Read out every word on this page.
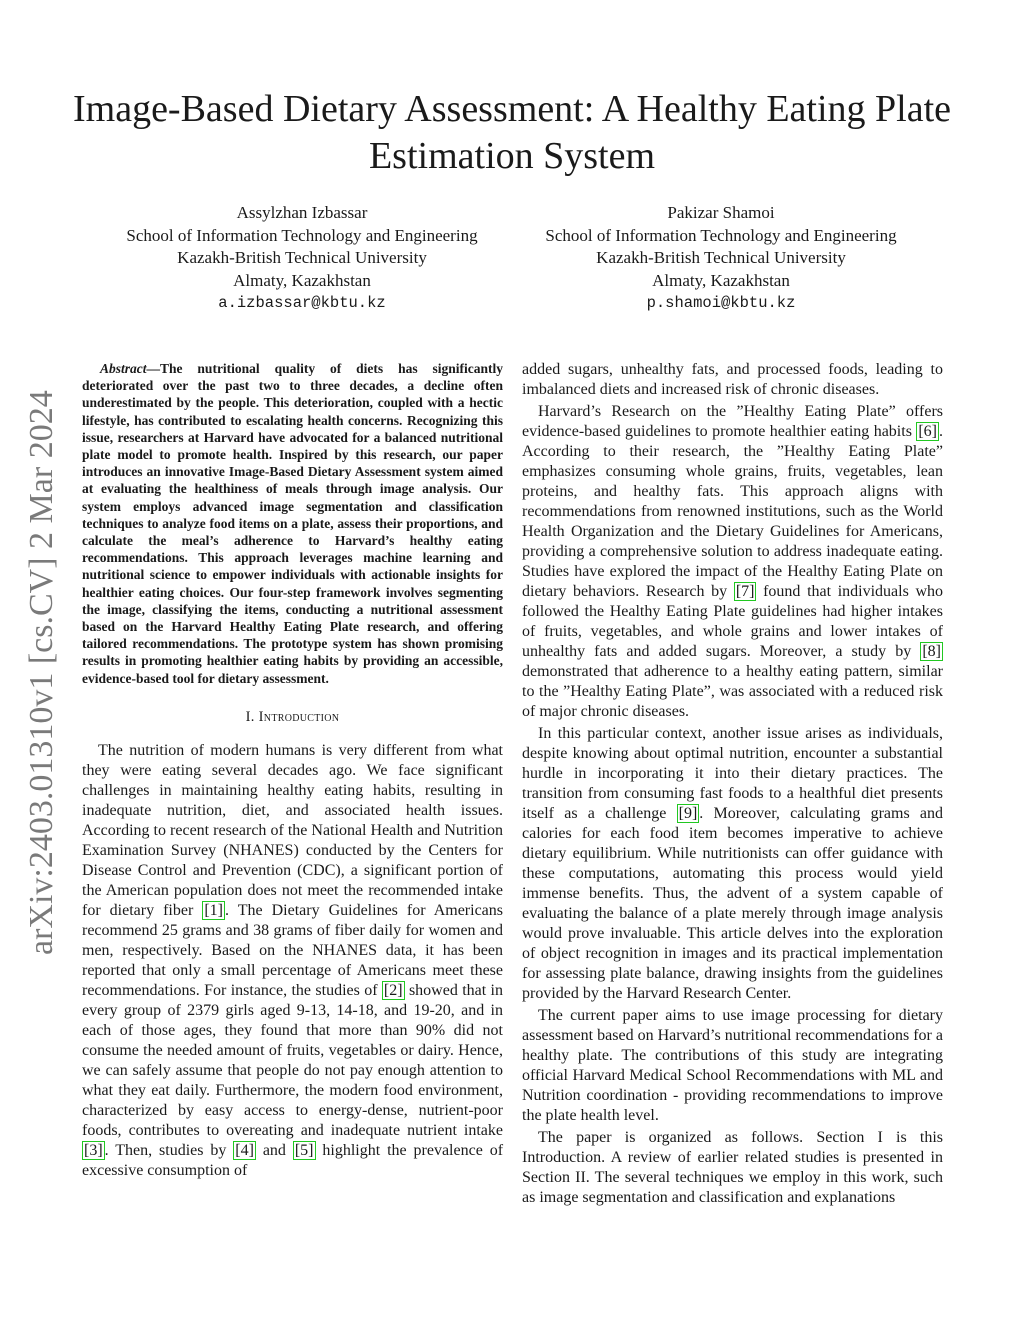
Image-Based Dietary Assessment: A Healthy Eating Plate Estimation System
Assylzhan Izbassar
School of Information Technology and Engineering
Kazakh-British Technical University
Almaty, Kazakhstan
a.izbassar@kbtu.kz
Pakizar Shamoi
School of Information Technology and Engineering
Kazakh-British Technical University
Almaty, Kazakhstan
p.shamoi@kbtu.kz
arXiv:2403.01310v1 [cs.CV] 2 Mar 2024

Abstract—The nutritional quality of diets has significantly deteriorated over the past two to three decades, a decline often underestimated by the people. This deterioration, coupled with a hectic lifestyle, has contributed to escalating health concerns. Recognizing this issue, researchers at Harvard have advocated for a balanced nutritional plate model to promote health. Inspired by this research, our paper introduces an innovative Image-Based Dietary Assessment system aimed at evaluating the healthiness of meals through image analysis. Our system employs advanced image segmentation and classification techniques to analyze food items on a plate, assess their proportions, and calculate the meal’s adherence to Harvard’s healthy eating recommendations. This approach leverages machine learning and nutritional science to empower individuals with actionable insights for healthier eating choices. Our four-step framework involves segmenting the image, classifying the items, conducting a nutritional assessment based on the Harvard Healthy Eating Plate research, and offering tailored recommendations. The prototype system has shown promising results in promoting healthier eating habits by providing an accessible, evidence-based tool for dietary assessment.

I. Introduction

The nutrition of modern humans is very different from what they were eating several decades ago. We face significant challenges in maintaining healthy eating habits, resulting in inadequate nutrition, diet, and associated health issues. According to recent research of the National Health and Nutrition Examination Survey (NHANES) conducted by the Centers for Disease Control and Prevention (CDC), a significant portion of the American population does not meet the recommended intake for dietary fiber [1] . The Dietary Guidelines for Americans recommend 25 grams and 38 grams of fiber daily for women and men, respectively. Based on the NHANES data, it has been reported that only a small percentage of Americans meet these recommendations. For instance, the studies of [2] showed that in every group of 2379 girls aged 9-13, 14-18, and 19-20, and in each of those ages, they found that more than 90% did not consume the needed amount of fruits, vegetables or dairy. Hence, we can safely assume that people do not pay enough attention to what they eat daily. Furthermore, the modern food environment, characterized by easy access to energy-dense, nutrient-poor foods, contributes to overeating and inadequate nutrient intake [3] . Then, studies by [4] and [5] highlight the prevalence of excessive consumption of

added sugars, unhealthy fats, and processed foods, leading to imbalanced diets and increased risk of chronic diseases.

Harvard’s Research on the ”Healthy Eating Plate” offers evidence-based guidelines to promote healthier eating habits [6] . According to their research, the ”Healthy Eating Plate” emphasizes consuming whole grains, fruits, vegetables, lean proteins, and healthy fats. This approach aligns with recommendations from renowned institutions, such as the World Health Organization and the Dietary Guidelines for Americans, providing a comprehensive solution to address inadequate eating. Studies have explored the impact of the Healthy Eating Plate on dietary behaviors. Research by [7] found that individuals who followed the Healthy Eating Plate guidelines had higher intakes of fruits, vegetables, and whole grains and lower intakes of unhealthy fats and added sugars. Moreover, a study by [8] demonstrated that adherence to a healthy eating pattern, similar to the ”Healthy Eating Plate”, was associated with a reduced risk of major chronic diseases.

In this particular context, another issue arises as individuals, despite knowing about optimal nutrition, encounter a substantial hurdle in incorporating it into their dietary practices. The transition from consuming fast foods to a healthful diet presents itself as a challenge [9] . Moreover, calculating grams and calories for each food item becomes imperative to achieve dietary equilibrium. While nutritionists can offer guidance with these computations, automating this process would yield immense benefits. Thus, the advent of a system capable of evaluating the balance of a plate merely through image analysis would prove invaluable. This article delves into the exploration of object recognition in images and its practical implementation for assessing plate balance, drawing insights from the guidelines provided by the Harvard Research Center.

The current paper aims to use image processing for dietary assessment based on Harvard’s nutritional recommendations for a healthy plate. The contributions of this study are integrating official Harvard Medical School Recommendations with ML and Nutrition coordination - providing recommendations to improve the plate health level.

The paper is organized as follows. Section I is this Introduction. A review of earlier related studies is presented in Section II. The several techniques we employ in this work, such as image segmentation and classification and explanations
